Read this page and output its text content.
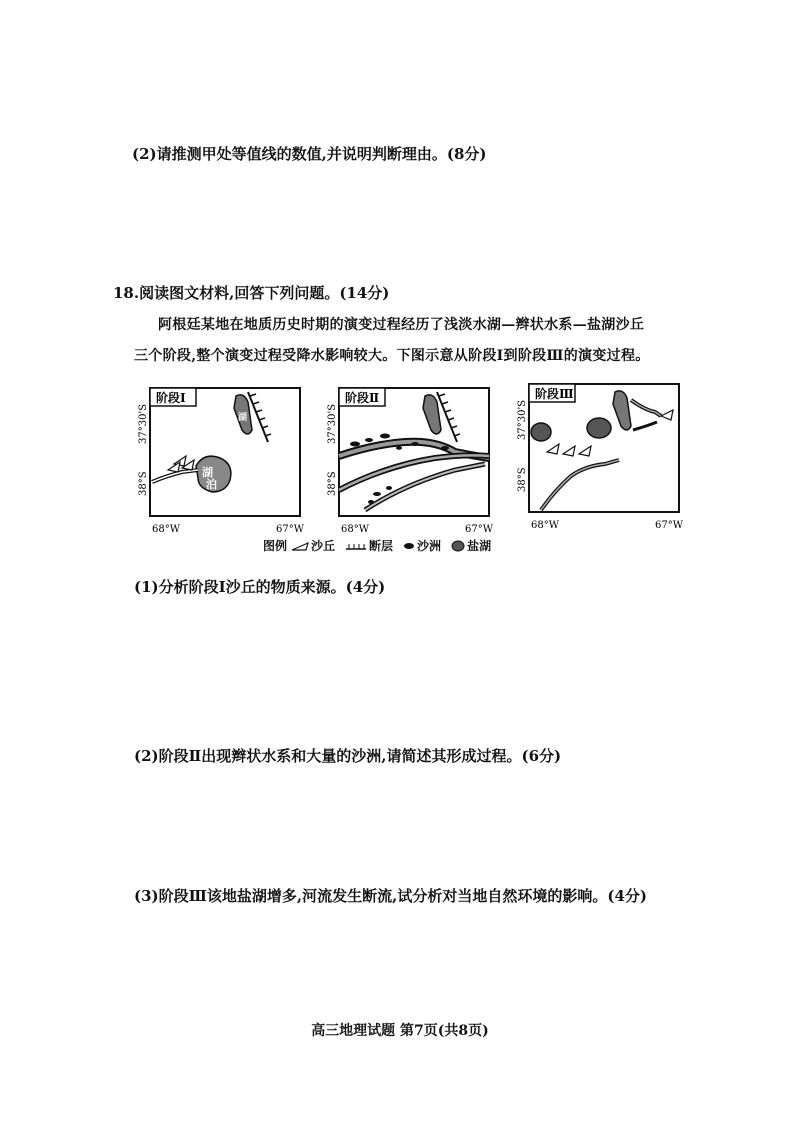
(2)请推测甲处等值线的数值,并说明判断理由。(8分)
18.阅读图文材料,回答下列问题。(14分)
阿根廷某地在地质历史时期的演变过程经历了浅淡水湖—辫状水系—盐湖沙丘
三个阶段,整个演变过程受降水影响较大。下图示意从阶段Ⅰ到阶段Ⅲ的演变过程。
阶段Ⅰ
37°30'S
38°S
68°W	67°W
湖
湖
泊
阶段Ⅱ
37°30'S
38°S
68°W	67°W
阶段Ⅲ
37°30'S
38°S
68°W	67°W
图例 沙丘	断层 沙洲 盐湖
(1)分析阶段Ⅰ沙丘的物质来源。(4分)
(2)阶段Ⅱ出现辫状水系和大量的沙洲,请简述其形成过程。(6分)
(3)阶段Ⅲ该地盐湖增多,河流发生断流,试分析对当地自然环境的影响。(4分)
高三地理试题 第7页(共8页)
